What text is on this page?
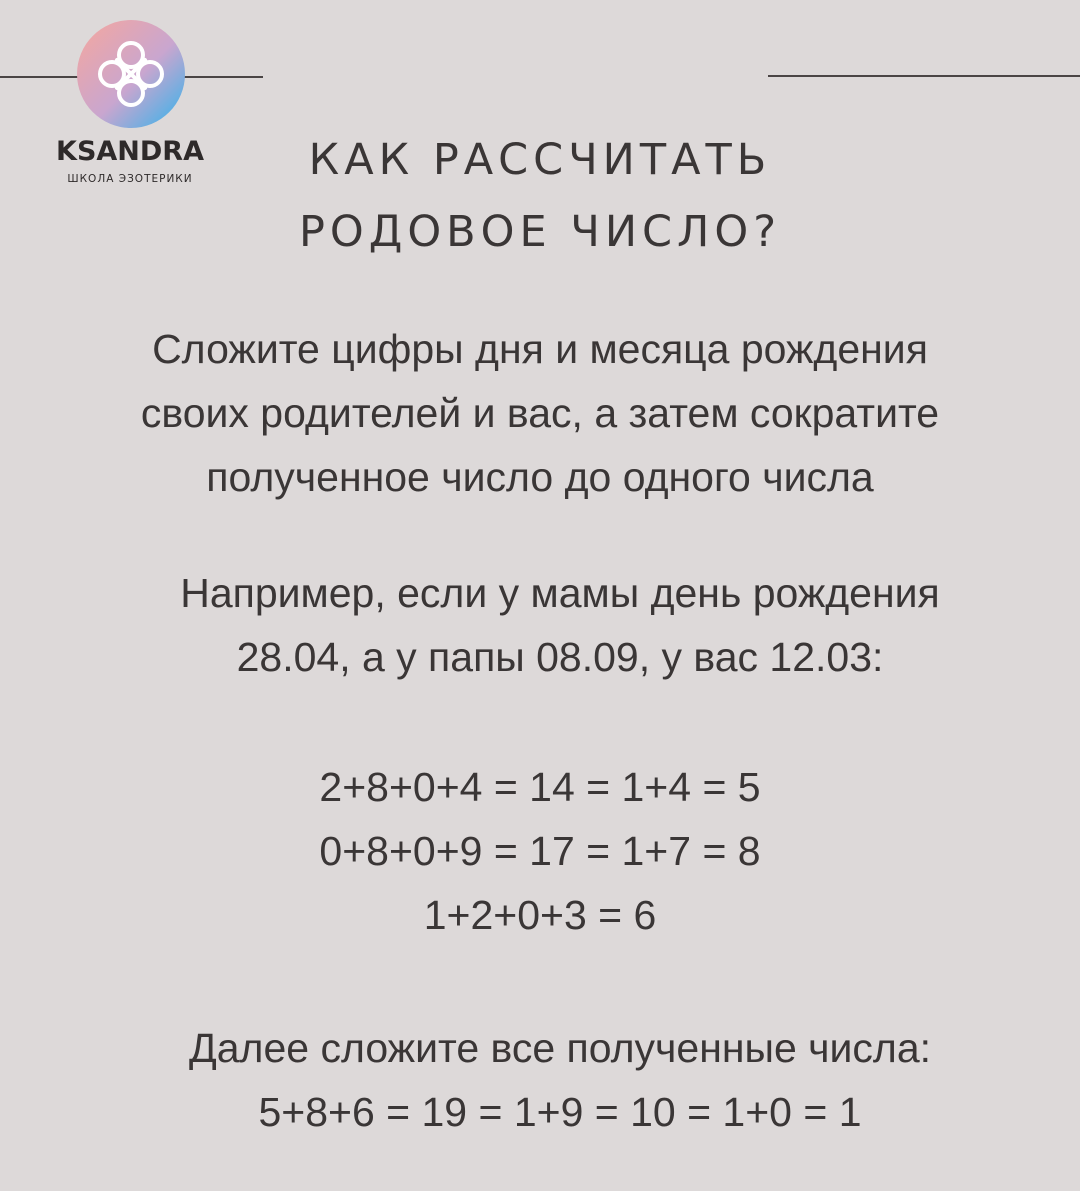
KSANDRA
ШКОЛА ЭЗОТЕРИКИ	КАК РАССЧИТАТЬ
РОДОВОЕ ЧИСЛО?
Сложите цифры дня и месяца рождения
своих родителей и вас, а затем сократите
полученное число до одного числа
Например, если у мамы день рождения
28.04, а у папы 08.09, у вас 12.03:
2+8+0+4 = 14 = 1+4 = 5
0+8+0+9 = 17 = 1+7 = 8
1+2+0+3 = 6
Далее сложите все полученные числа:
5+8+6 = 19 = 1+9 = 10 = 1+0 = 1
